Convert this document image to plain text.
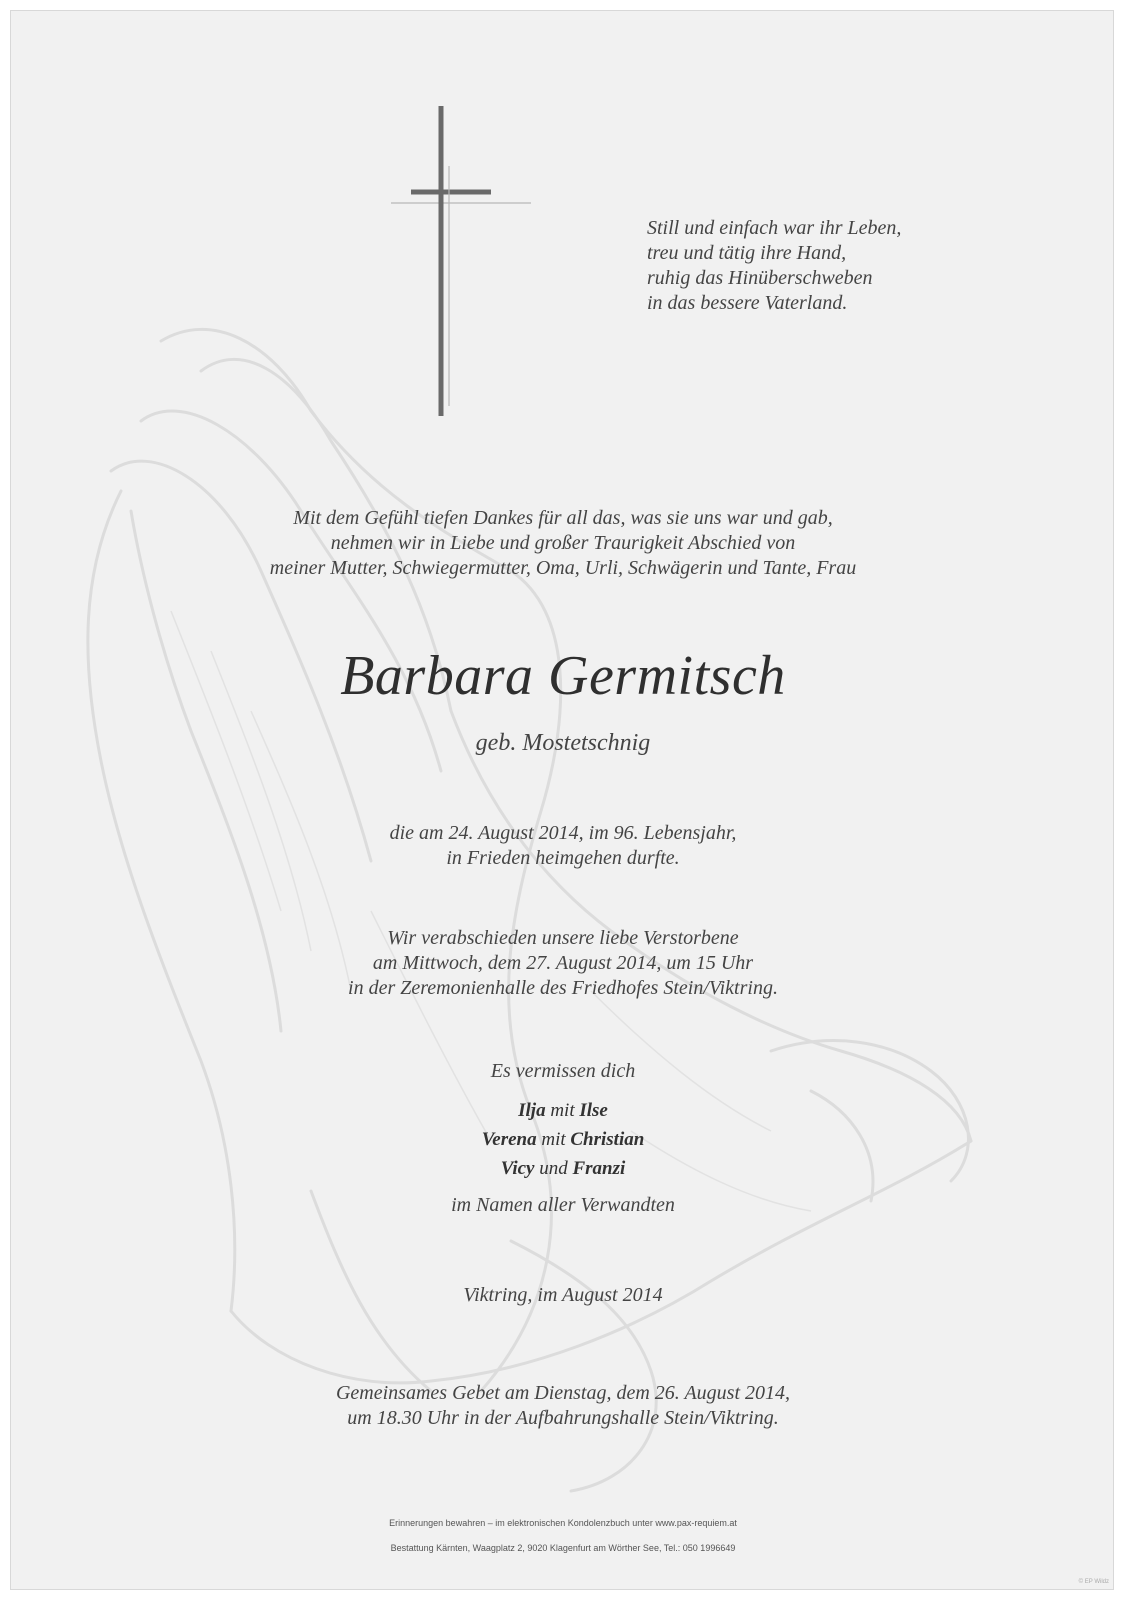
Still und einfach war ihr Leben,
treu und tätig ihre Hand,
ruhig das Hinüberschweben
in das bessere Vaterland.
Mit dem Gefühl tiefen Dankes für all das, was sie uns war und gab,
nehmen wir in Liebe und großer Traurigkeit Abschied von
meiner Mutter, Schwiegermutter, Oma, Urli, Schwägerin und Tante, Frau
Barbara Germitsch
geb. Mostetschnig
die am 24. August 2014, im 96. Lebensjahr,
in Frieden heimgehen durfte.
Wir verabschieden unsere liebe Verstorbene
am Mittwoch, dem 27. August 2014, um 15 Uhr
in der Zeremonienhalle des Friedhofes Stein/Viktring.
Es vermissen dich
Ilja mit Ilse
Verena mit Christian
Vicy und Franzi
im Namen aller Verwandten
Viktring, im August 2014
Gemeinsames Gebet am Dienstag, dem 26. August 2014,
um 18.30 Uhr in der Aufbahrungshalle Stein/Viktring.
Erinnerungen bewahren – im elektronischen Kondolenzbuch unter www.pax-requiem.at
Bestattung Kärnten, Waagplatz 2, 9020 Klagenfurt am Wörther See, Tel.: 050 1996649
© EP Wildz
